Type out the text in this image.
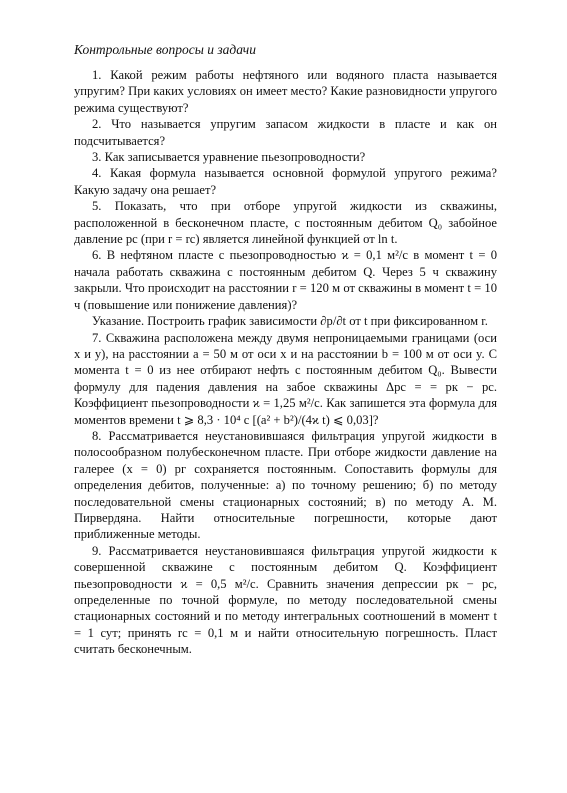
Контрольные вопросы и задачи

1. Какой режим работы нефтяного или водяного пласта называется упругим? При каких условиях он имеет место? Какие разновидности упругого режима существуют?

2. Что называется упругим запасом жидкости в пласте и как он подсчитывается?

3. Как записывается уравнение пьезопроводности?

4. Какая формула называется основной формулой упругого режима? Какую задачу она решает?

5. Показать, что при отборе упругой жидкости из скважины, расположенной в бесконечном пласте, с постоянным дебитом Q₀ забойное давление pс (при r = rс) является линейной функцией от ln t.

6. В нефтяном пласте с пьезопроводностью ϰ = 0,1 м²/с в момент t = 0 начала работать скважина с постоянным дебитом Q. Через 5 ч скважину закрыли. Что происходит на расстоянии r = 120 м от скважины в момент t = 10 ч (повышение или понижение давления)?

Указание. Построить график зависимости ∂p/∂t от t при фиксированном r.

7. Скважина расположена между двумя непроницаемыми границами (оси x и y), на расстоянии a = 50 м от оси x и на расстоянии b = 100 м от оси y. С момента t = 0 из нее отбирают нефть с постоянным дебитом Q₀. Вывести формулу для падения давления на забое скважины Δpс = = pк − pс. Коэффициент пьезопроводности ϰ = 1,25 м²/с. Как запишется эта формула для моментов времени t ⩾ 8,3 · 10⁴ с [(a² + b²)/(4ϰ t) ⩽ 0,03]?

8. Рассматривается неустановившаяся фильтрация упругой жидкости в полосообразном полубесконечном пласте. При отборе жидкости давление на галерее (x = 0) pг сохраняется постоянным. Сопоставить формулы для определения дебитов, полученные: а) по точному решению; б) по методу последовательной смены стационарных состояний; в) по методу А. М. Пирвердяна. Найти относительные погрешности, которые дают приближенные методы.

9. Рассматривается неустановившаяся фильтрация упругой жидкости к совершенной скважине с постоянным дебитом Q. Коэффициент пьезопроводности ϰ = 0,5 м²/с. Сравнить значения депрессии pк − pс, определенные по точной формуле, по методу последовательной смены стационарных состояний и по методу интегральных соотношений в момент t = 1 сут; принять rс = 0,1 м и найти относительную погрешность. Пласт считать бесконечным.
